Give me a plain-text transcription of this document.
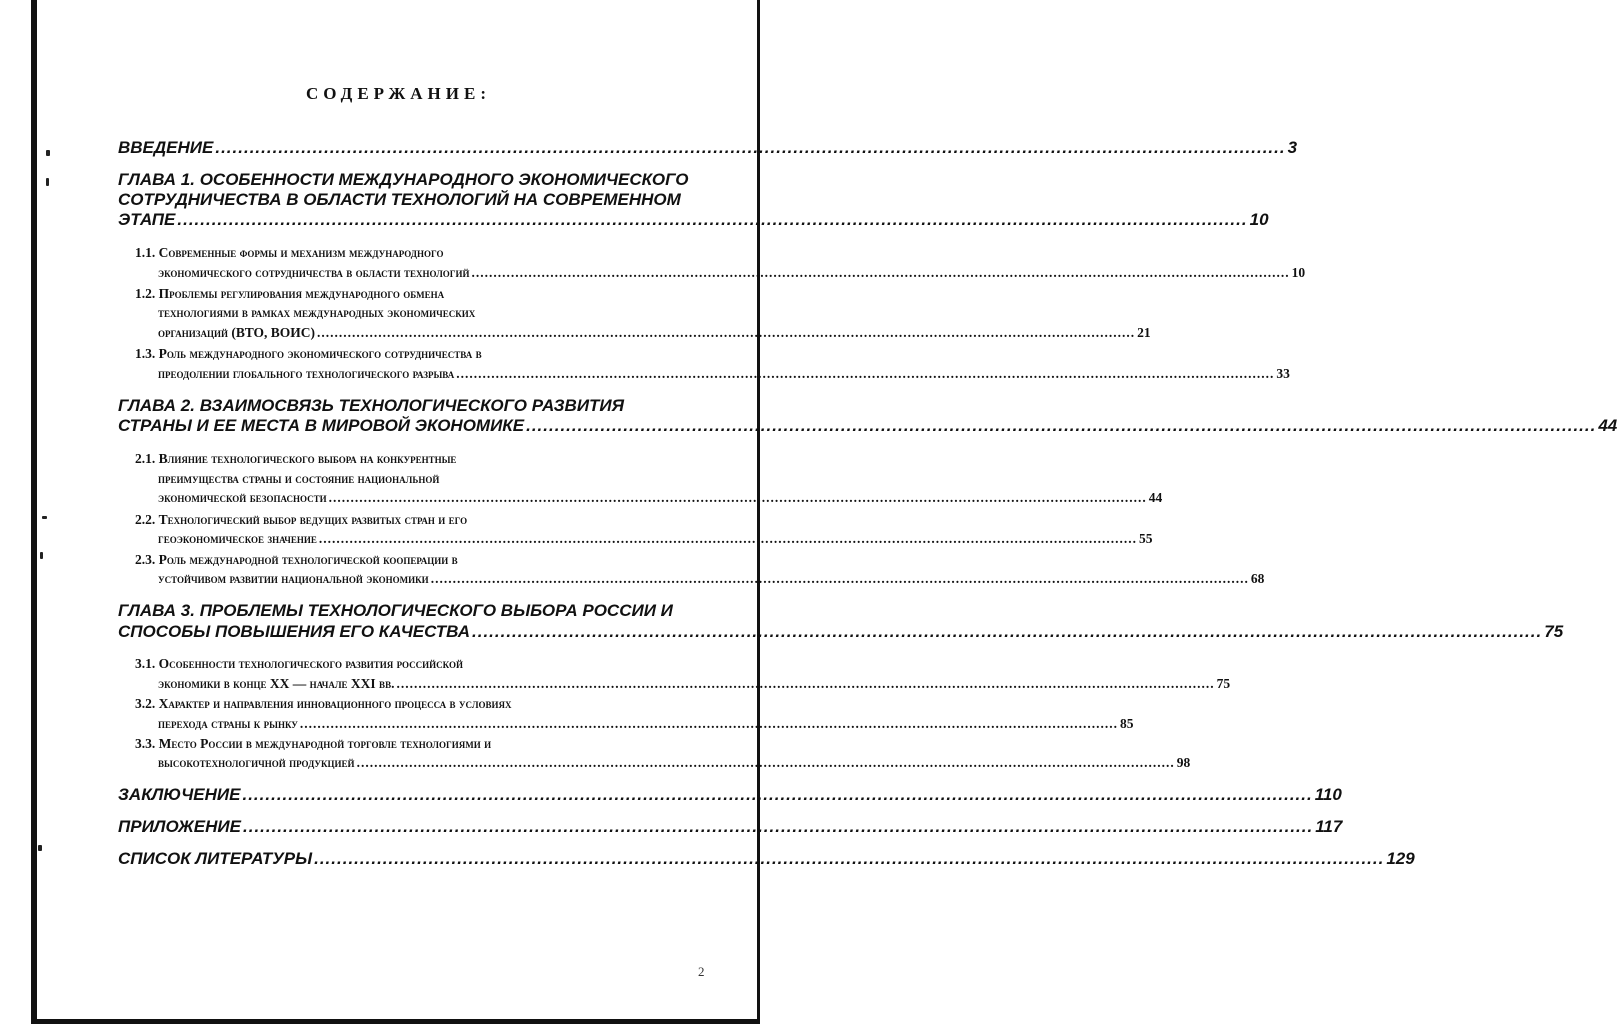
СОДЕРЖАНИЕ:
ВВЕДЕНИЕ ........................................................................................................................................................................................... 3
ГЛАВА 1. ОСОБЕННОСТИ МЕЖДУНАРОДНОГО ЭКОНОМИЧЕСКОГО
СОТРУДНИЧЕСТВА В ОБЛАСТИ ТЕХНОЛОГИЙ НА СОВРЕМЕННОМ
ЭТАПЕ ........................................................................................................................................................................................... 10
1.1. Современные формы и механизм международного
экономического сотрудничества в области технологий ........................................................................................................................................................................................... 10
1.2. Проблемы регулирования международного обмена
технологиями в рамках международных экономических
организаций (ВТО, ВОИС) ........................................................................................................................................................................................... 21
1.3. Роль международного экономического сотрудничества в
преодолении глобального технологического разрыва ........................................................................................................................................................................................... 33
ГЛАВА 2. ВЗАИМОСВЯЗЬ ТЕХНОЛОГИЧЕСКОГО РАЗВИТИЯ
СТРАНЫ И ЕЕ МЕСТА В МИРОВОЙ ЭКОНОМИКЕ ........................................................................................................................................................................................... 44
2.1. Влияние технологического выбора на конкурентные
преимущества страны и состояние национальной
экономической безопасности ........................................................................................................................................................................................... 44
2.2. Технологический выбор ведущих развитых стран и его
геоэкономическое значение ........................................................................................................................................................................................... 55
2.3. Роль международной технологической кооперации в
устойчивом развитии национальной экономики ........................................................................................................................................................................................... 68
ГЛАВА 3. ПРОБЛЕМЫ ТЕХНОЛОГИЧЕСКОГО ВЫБОРА РОССИИ И
СПОСОБЫ ПОВЫШЕНИЯ ЕГО КАЧЕСТВА ........................................................................................................................................................................................... 75
3.1. Особенности технологического развития российской
экономики в конце XX — начале XXI вв. ........................................................................................................................................................................................... 75
3.2. Характер и направления инновационного процесса в условиях
перехода страны к рынку ........................................................................................................................................................................................... 85
3.3. Место России в международной торговле технологиями и
высокотехнологичной продукцией ........................................................................................................................................................................................... 98
ЗАКЛЮЧЕНИЕ ........................................................................................................................................................................................... 110
ПРИЛОЖЕНИЕ ........................................................................................................................................................................................... 117
СПИСОК ЛИТЕРАТУРЫ ........................................................................................................................................................................................... 129
2
